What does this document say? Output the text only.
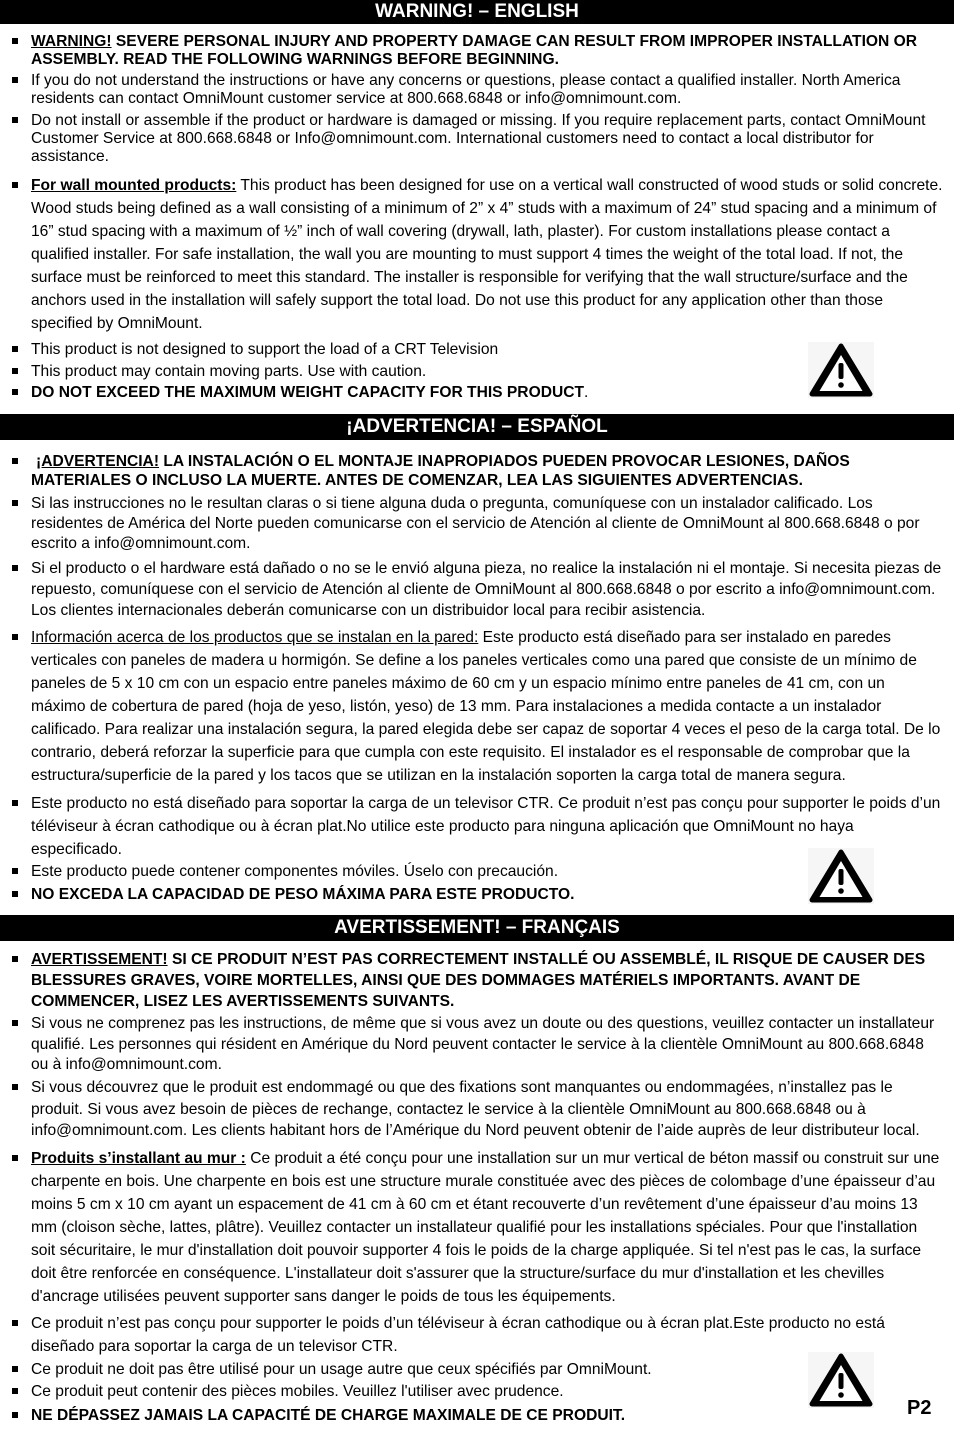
WARNING! – ENGLISH
WARNING! SEVERE PERSONAL INJURY AND PROPERTY DAMAGE CAN RESULT FROM IMPROPER INSTALLATION OR ASSEMBLY. READ THE FOLLOWING WARNINGS BEFORE BEGINNING.
If you do not understand the instructions or have any concerns or questions, please contact a qualified installer. North America residents can contact OmniMount customer service at 800.668.6848 or info@omnimount.com.
Do not install or assemble if the product or hardware is damaged or missing. If you require replacement parts, contact OmniMount Customer Service at 800.668.6848 or Info@omnimount.com. International customers need to contact a local distributor for assistance.
For wall mounted products: This product has been designed for use on a vertical wall constructed of wood studs or solid concrete. Wood studs being defined as a wall consisting of a minimum of 2” x 4” studs with a maximum of 24” stud spacing and a minimum of 16” stud spacing with a maximum of ½” inch of wall covering (drywall, lath, plaster). For custom installations please contact a qualified installer. For safe installation, the wall you are mounting to must support 4 times the weight of the total load. If not, the surface must be reinforced to meet this standard. The installer is responsible for verifying that the wall structure/surface and the anchors used in the installation will safely support the total load. Do not use this product for any application other than those specified by OmniMount.
This product is not designed to support the load of a CRT Television
This product may contain moving parts. Use with caution.
DO NOT EXCEED THE MAXIMUM WEIGHT CAPACITY FOR THIS PRODUCT.
¡ADVERTENCIA! – ESPAÑOL
¡ADVERTENCIA! LA INSTALACIÓN O EL MONTAJE INAPROPIADOS PUEDEN PROVOCAR LESIONES, DAÑOS MATERIALES O INCLUSO LA MUERTE. ANTES DE COMENZAR, LEA LAS SIGUIENTES ADVERTENCIAS.
Si las instrucciones no le resultan claras o si tiene alguna duda o pregunta, comuníquese con un instalador calificado. Los residentes de América del Norte pueden comunicarse con el servicio de Atención al cliente de OmniMount al 800.668.6848 o por escrito a info@omnimount.com.
Si el producto o el hardware está dañado o no se le envió alguna pieza, no realice la instalación ni el montaje. Si necesita piezas de repuesto, comuníquese con el servicio de Atención al cliente de OmniMount al 800.668.6848 o por escrito a info@omnimount.com. Los clientes internacionales deberán comunicarse con un distribuidor local para recibir asistencia.
Información acerca de los productos que se instalan en la pared: Este producto está diseñado para ser instalado en paredes verticales con paneles de madera u hormigón. Se define a los paneles verticales como una pared que consiste de un mínimo de paneles de 5 x 10 cm con un espacio entre paneles máximo de 60 cm y un espacio mínimo entre paneles de 41 cm, con un máximo de cobertura de pared (hoja de yeso, listón, yeso) de 13 mm. Para instalaciones a medida contacte a un instalador calificado. Para realizar una instalación segura, la pared elegida debe ser capaz de soportar 4 veces el peso de la carga total. De lo contrario, deberá reforzar la superficie para que cumpla con este requisito. El instalador es el responsable de comprobar que la estructura/superficie de la pared y los tacos que se utilizan en la instalación soporten la carga total de manera segura.
Este producto no está diseñado para soportar la carga de un televisor CTR. Ce produit n’est pas conçu pour supporter le poids d’un téléviseur à écran cathodique ou à écran plat.No utilice este producto para ninguna aplicación que OmniMount no haya especificado.
Este producto puede contener componentes móviles. Úselo con precaución.
NO EXCEDA LA CAPACIDAD DE PESO MÁXIMA PARA ESTE PRODUCTO.
AVERTISSEMENT! – FRANÇAIS
AVERTISSEMENT! SI CE PRODUIT N’EST PAS CORRECTEMENT INSTALLÉ OU ASSEMBLÉ, IL RISQUE DE CAUSER DES BLESSURES GRAVES, VOIRE MORTELLES, AINSI QUE DES DOMMAGES MATÉRIELS IMPORTANTS. AVANT DE COMMENCER, LISEZ LES AVERTISSEMENTS SUIVANTS.
Si vous ne comprenez pas les instructions, de même que si vous avez un doute ou des questions, veuillez contacter un installateur qualifié. Les personnes qui résident en Amérique du Nord peuvent contacter le service à la clientèle OmniMount au 800.668.6848 ou à info@omnimount.com.
Si vous découvrez que le produit est endommagé ou que des fixations sont manquantes ou endommagées, n’installez pas le produit. Si vous avez besoin de pièces de rechange, contactez le service à la clientèle OmniMount au 800.668.6848 ou à info@omnimount.com. Les clients habitant hors de l’Amérique du Nord peuvent obtenir de l’aide auprès de leur distributeur local.
Produits s’installant au mur : Ce produit a été conçu pour une installation sur un mur vertical de béton massif ou construit sur une charpente en bois. Une charpente en bois est une structure murale constituée avec des pièces de colombage d’une épaisseur d’au moins 5 cm x 10 cm ayant un espacement de 41 cm à 60 cm et étant recouverte d’un revêtement d’une épaisseur d’au moins 13 mm (cloison sèche, lattes, plâtre). Veuillez contacter un installateur qualifié pour les installations spéciales. Pour que l'installation soit sécuritaire, le mur d'installation doit pouvoir supporter 4 fois le poids de la charge appliquée. Si tel n'est pas le cas, la surface doit être renforcée en conséquence. L'installateur doit s'assurer que la structure/surface du mur d'installation et les chevilles d'ancrage utilisées peuvent supporter sans danger le poids de tous les équipements.
Ce produit n’est pas conçu pour supporter le poids d’un téléviseur à écran cathodique ou à écran plat.Este producto no está diseñado para soportar la carga de un televisor CTR.
Ce produit ne doit pas être utilisé pour un usage autre que ceux spécifiés par OmniMount.
Ce produit peut contenir des pièces mobiles. Veuillez l'utiliser avec prudence.
NE DÉPASSEZ JAMAIS LA CAPACITÉ DE CHARGE MAXIMALE DE CE PRODUIT.	P2
